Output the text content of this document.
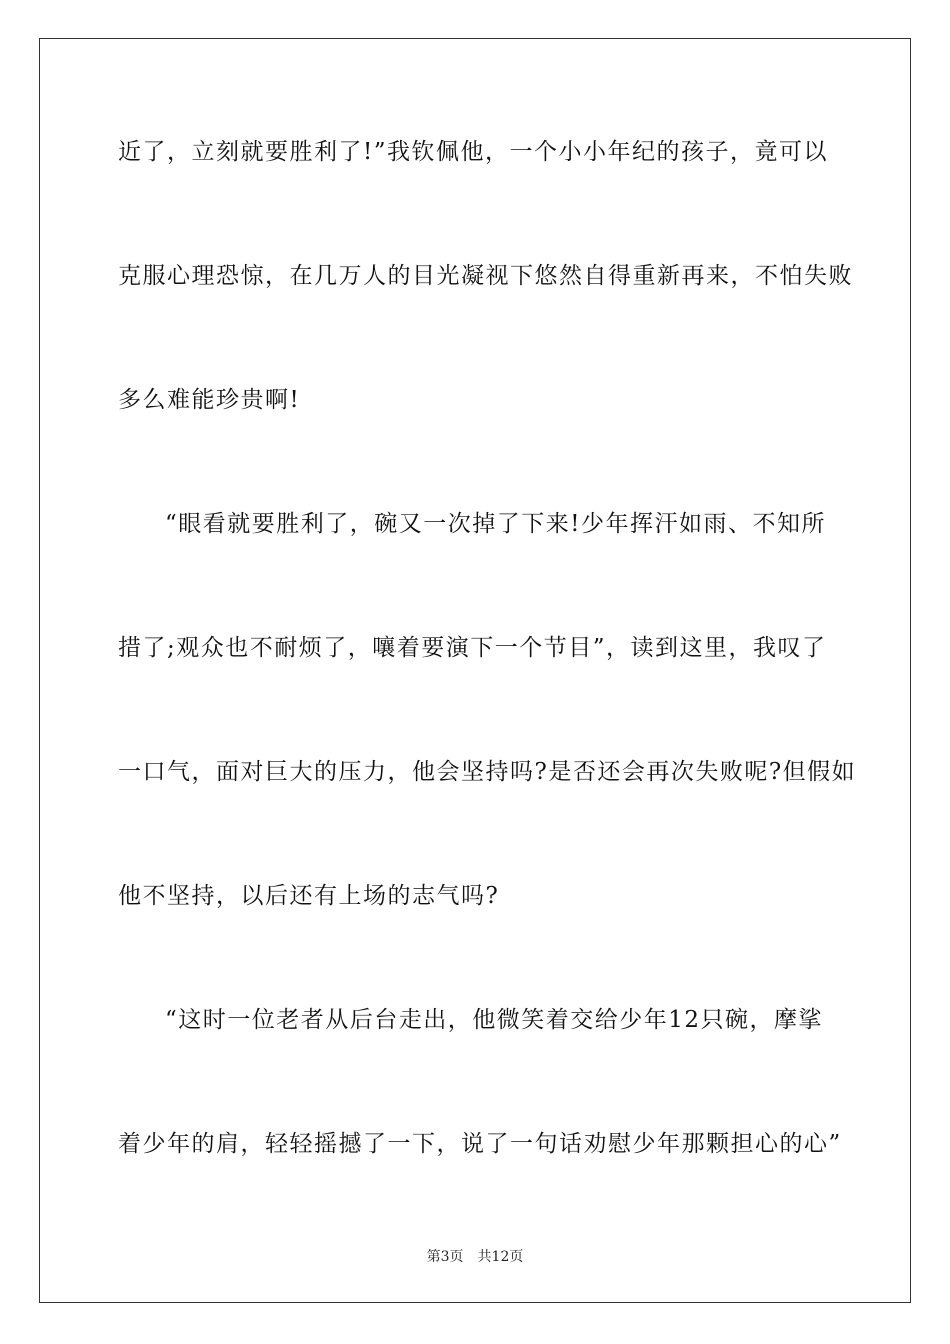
近了，立刻就要胜利了!”我钦佩他，一个小小年纪的孩子，竟可以
克服心理恐惊，在几万人的目光凝视下悠然自得重新再来，不怕失败
多么难能珍贵啊!
“眼看就要胜利了，碗又一次掉了下来!少年挥汗如雨、不知所
措了;观众也不耐烦了，嚷着要演下一个节目”，读到这里，我叹了
一口气，面对巨大的压力，他会坚持吗?是否还会再次失败呢?但假如
他不坚持，以后还有上场的志气吗?
“这时一位老者从后台走出，他微笑着交给少年12只碗，摩挲
着少年的肩，轻轻摇撼了一下，说了一句话劝慰少年那颗担心的心”
第3页 共12页
